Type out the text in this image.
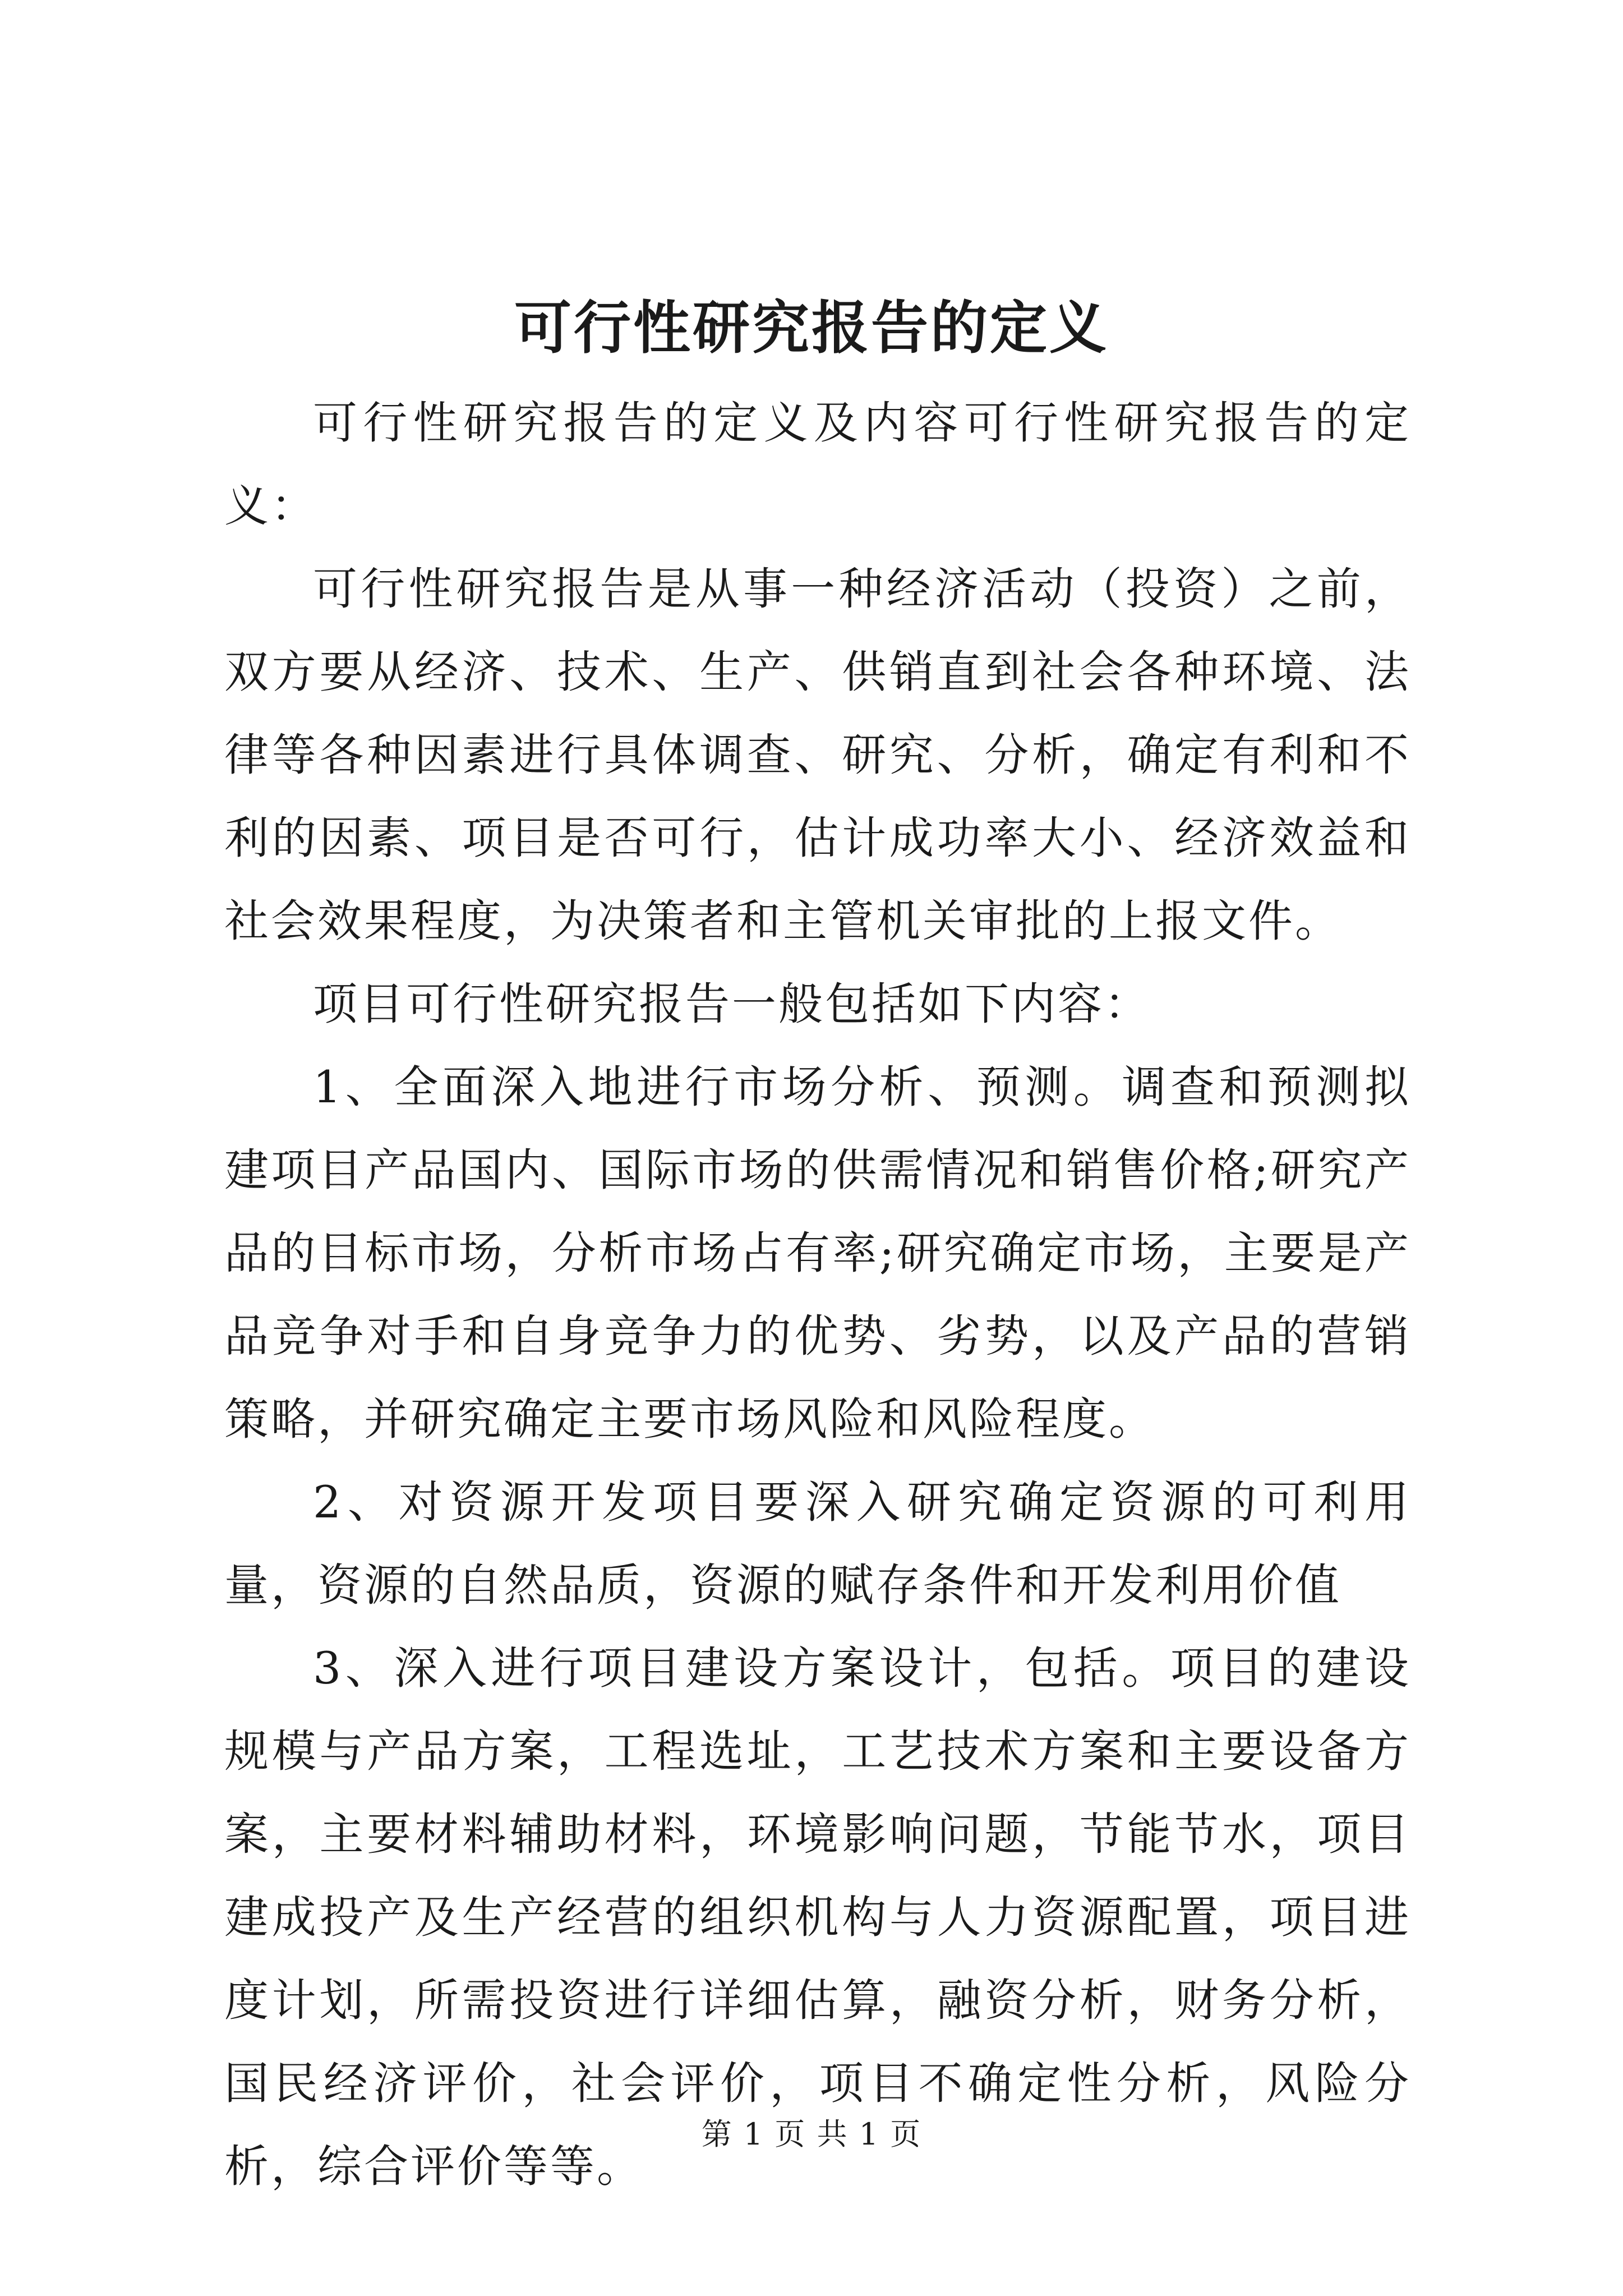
可行性研究报告的定义

可行性研究报告的定义及内容可行性研究报告的定义：

可行性研究报告是从事一种经济活动（投资）之前，双方要从经济、技术、生产、供销直到社会各种环境、法律等各种因素进行具体调查、研究、分析，确定有利和不利的因素、项目是否可行，估计成功率大小、经济效益和社会效果程度，为决策者和主管机关审批的上报文件。

项目可行性研究报告一般包括如下内容：

1、全面深入地进行市场分析、预测。调查和预测拟建项目产品国内、国际市场的供需情况和销售价格;研究产品的目标市场，分析市场占有率;研究确定市场，主要是产品竞争对手和自身竞争力的优势、劣势，以及产品的营销策略，并研究确定主要市场风险和风险程度。

2、对资源开发项目要深入研究确定资源的可利用量，资源的自然品质，资源的赋存条件和开发利用价值

3、深入进行项目建设方案设计，包括。项目的建设规模与产品方案，工程选址，工艺技术方案和主要设备方案，主要材料辅助材料，环境影响问题，节能节水，项目建成投产及生产经营的组织机构与人力资源配置，项目进度计划，所需投资进行详细估算，融资分析，财务分析，国民经济评价，社会评价，项目不确定性分析，风险分析，综合评价等等。

第 1 页 共 1 页
